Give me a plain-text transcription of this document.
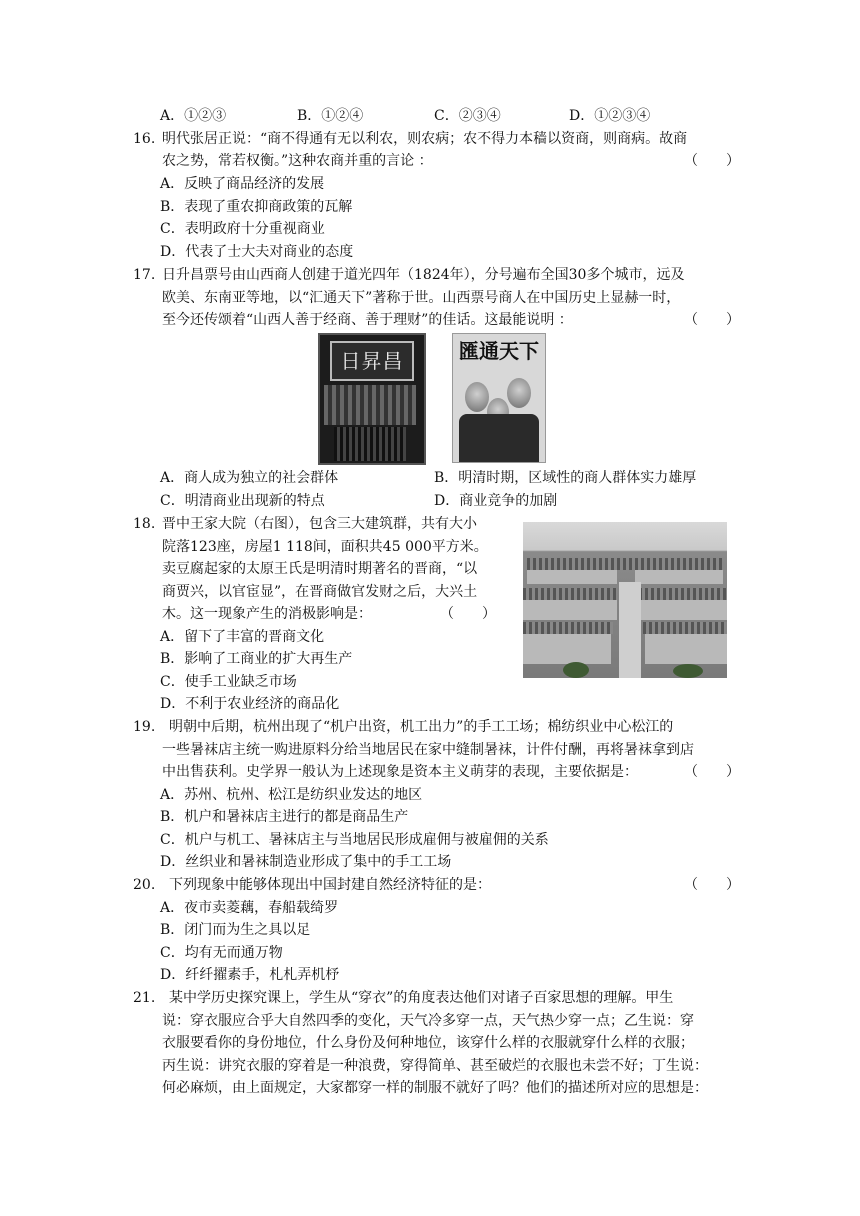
A．①②③	B．①②④	C．②③④	D．①②③④
16. 明代张居正说：“商不得通有无以利农，则农病；农不得力本穑以资商，则商病。故商
农之势，常若权衡。”这种农商并重的言论 ：	（　　）
A．反映了商品经济的发展
B．表现了重农抑商政策的瓦解
C．表明政府十分重视商业
D．代表了士大夫对商业的态度
17. 日升昌票号由山西商人创建于道光四年（1824年），分号遍布全国30多个城市，远及
欧美、东南亚等地，以“汇通天下”著称于世。山西票号商人在中国历史上显赫一时，
至今还传颂着“山西人善于经商、善于理财”的佳话。这最能说明 ：	（　　）
日昇昌	匯通天下
A．商人成为独立的社会群体	B．明清时期，区域性的商人群体实力雄厚
C．明清商业出现新的特点	D．商业竞争的加剧
18. 晋中王家大院（右图），包含三大建筑群，共有大小
院落123座，房屋1 118间，面积共45 000平方米。
卖豆腐起家的太原王氏是明清时期著名的晋商，“以
商贾兴，以官宦显”，在晋商做官发财之后，大兴土
木。这一现象产生的消极影响是：	（　　）
A．留下了丰富的晋商文化
B．影响了工商业的扩大再生产
C．使手工业缺乏市场
D．不利于农业经济的商品化
19. 明朝中后期，杭州出现了“机户出资，机工出力”的手工工场；棉纺织业中心松江的
一些暑袜店主统一购进原料分给当地居民在家中缝制暑袜，计件付酬，再将暑袜拿到店
中出售获利。史学界一般认为上述现象是资本主义萌芽的表现，主要依据是：	（　　）
A．苏州、杭州、松江是纺织业发达的地区
B．机户和暑袜店主进行的都是商品生产
C．机户与机工、暑袜店主与当地居民形成雇佣与被雇佣的关系
D．丝织业和暑袜制造业形成了集中的手工工场
20. 下列现象中能够体现出中国封建自然经济特征的是：	（　　）
A．夜市卖菱藕，春船载绮罗
B．闭门而为生之具以足
C．均有无而通万物
D．纤纤擢素手，札札弄机杼
21. 某中学历史探究课上，学生从“穿衣”的角度表达他们对诸子百家思想的理解。甲生
说：穿衣服应合乎大自然四季的变化，天气冷多穿一点，天气热少穿一点；乙生说：穿
衣服要看你的身份地位，什么身份及何种地位，该穿什么样的衣服就穿什么样的衣服；
丙生说：讲究衣服的穿着是一种浪费，穿得简单、甚至破烂的衣服也未尝不好；丁生说：
何必麻烦，由上面规定，大家都穿一样的制服不就好了吗？他们的描述所对应的思想是：
